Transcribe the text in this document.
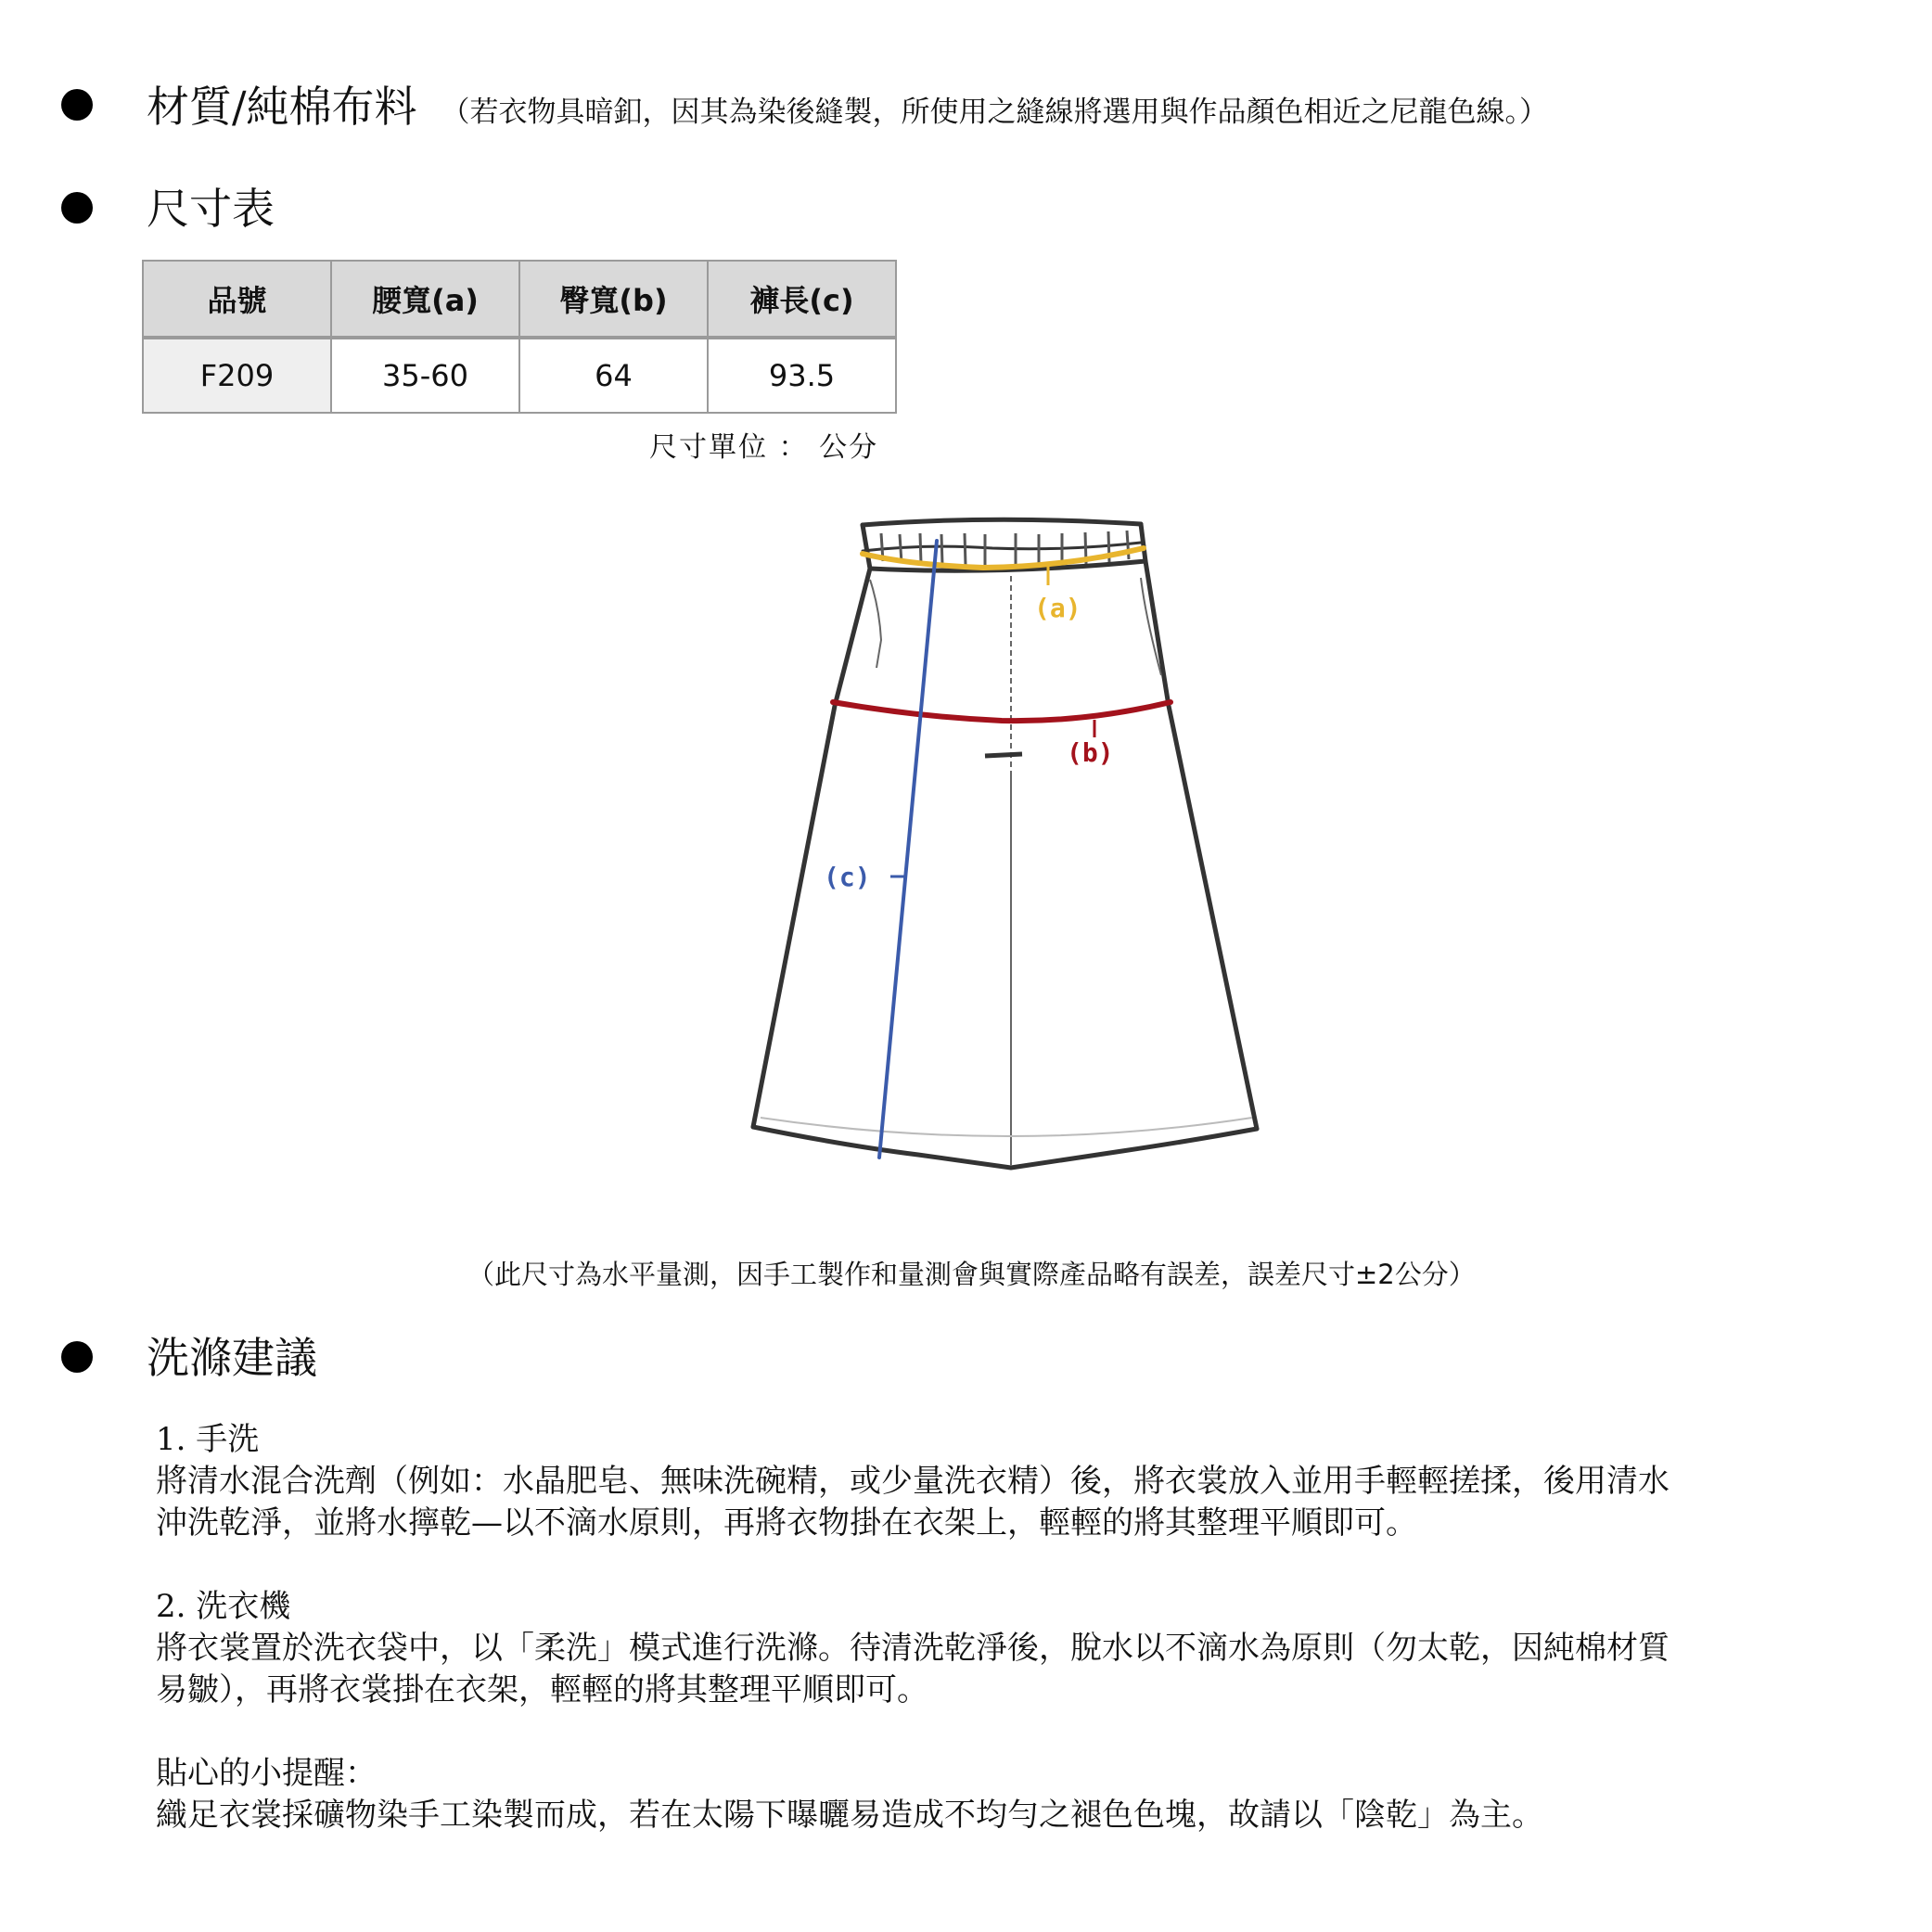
材質/純棉布料 （若衣物具暗釦，因其為染後縫製，所使用之縫線將選用與作品顏色相近之尼龍色線。）
尺寸表
品號	腰寬(a)	臀寬(b)	褲長(c)
F209	35-60	64	93.5
尺寸單位 ： 公分
(a)
(b)
(c)
（此尺寸為水平量測，因手工製作和量測會與實際產品略有誤差，誤差尺寸±2公分）
洗滌建議

1. 手洗

將清水混合洗劑（例如：水晶肥皂、無味洗碗精，或少量洗衣精）後，將衣裳放入並用手輕輕搓揉，後用清水

沖洗乾淨，並將水擰乾—以不滴水原則，再將衣物掛在衣架上，輕輕的將其整理平順即可。

2. 洗衣機

將衣裳置於洗衣袋中，以「柔洗」模式進行洗滌。待清洗乾淨後，脫水以不滴水為原則（勿太乾，因純棉材質

易皺），再將衣裳掛在衣架，輕輕的將其整理平順即可。

貼心的小提醒：

織足衣裳採礦物染手工染製而成，若在太陽下曝曬易造成不均勻之褪色色塊，故請以「陰乾」為主。
